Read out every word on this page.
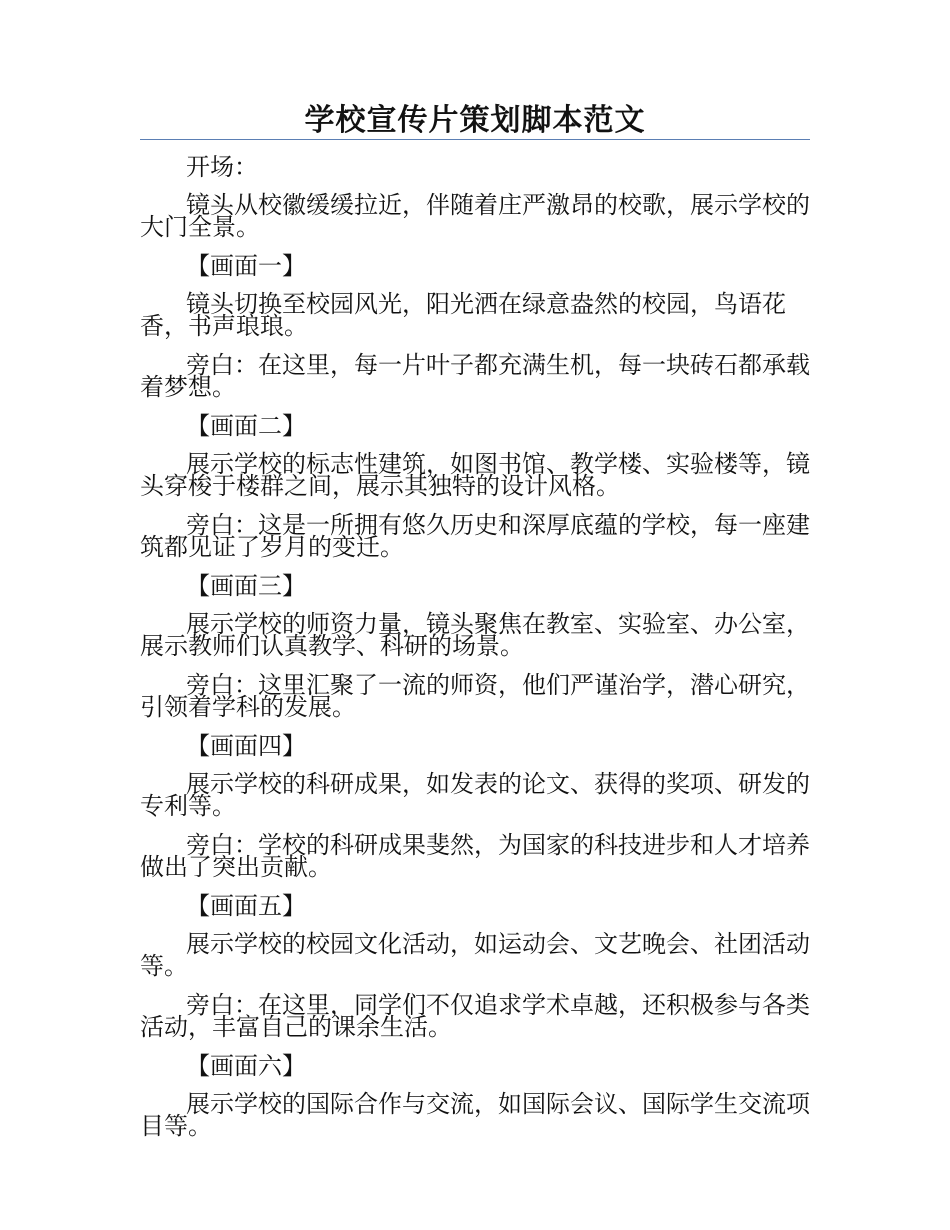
学校宣传片策划脚本范文

开场：

镜头从校徽缓缓拉近，伴随着庄严激昂的校歌，展示学校的大门全景。

【画面一】

镜头切换至校园风光，阳光洒在绿意盎然的校园，鸟语花香，书声琅琅。

旁白：在这里，每一片叶子都充满生机，每一块砖石都承载着梦想。

【画面二】

展示学校的标志性建筑，如图书馆、教学楼、实验楼等，镜头穿梭于楼群之间，展示其独特的设计风格。

旁白：这是一所拥有悠久历史和深厚底蕴的学校，每一座建筑都见证了岁月的变迁。

【画面三】

展示学校的师资力量，镜头聚焦在教室、实验室、办公室，展示教师们认真教学、科研的场景。

旁白：这里汇聚了一流的师资，他们严谨治学，潜心研究，引领着学科的发展。

【画面四】

展示学校的科研成果，如发表的论文、获得的奖项、研发的专利等。

旁白：学校的科研成果斐然，为国家的科技进步和人才培养做出了突出贡献。

【画面五】

展示学校的校园文化活动，如运动会、文艺晚会、社团活动等。

旁白：在这里，同学们不仅追求学术卓越，还积极参与各类活动，丰富自己的课余生活。

【画面六】

展示学校的国际合作与交流，如国际会议、国际学生交流项目等。
